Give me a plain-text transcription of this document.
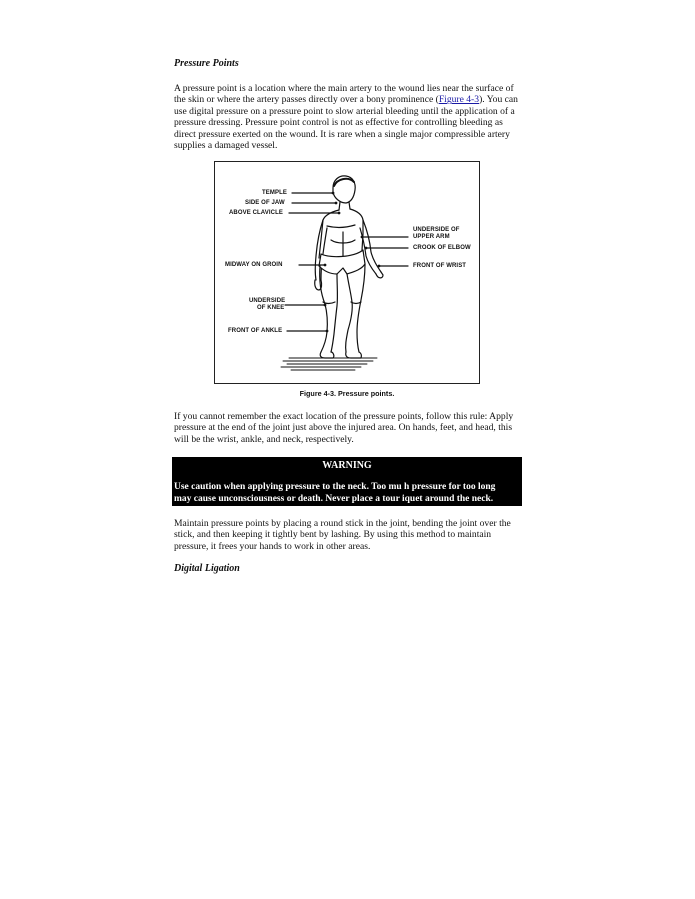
Pressure Points

A pressure point is a location where the main artery to the wound lies near the surface of the skin or where the artery passes directly over a bony prominence (Figure 4-3). You can use digital pressure on a pressure point to slow arterial bleeding until the application of a pressure dressing. Pressure point control is not as effective for controlling bleeding as direct pressure exerted on the wound. It is rare when a single major compressible artery supplies a damaged vessel.

TEMPLE
SIDE OF JAW
ABOVE CLAVICLE
MIDWAY ON GROIN
UNDERSIDE
OF KNEE
FRONT OF ANKLE
UNDERSIDE OF
UPPER ARM
CROOK OF ELBOW
FRONT OF WRIST
Figure 4-3. Pressure points.

If you cannot remember the exact location of the pressure points, follow this rule: Apply pressure at the end of the joint just above the injured area. On hands, feet, and head, this will be the wrist, ankle, and neck, respectively.

WARNING
Use caution when applying pressure to the neck. Too mu h pressure for too long
may cause unconsciousness or death. Never place a tour iquet around the neck.

Maintain pressure points by placing a round stick in the joint, bending the joint over the stick, and then keeping it tightly bent by lashing. By using this method to maintain pressure, it frees your hands to work in other areas.

Digital Ligation
